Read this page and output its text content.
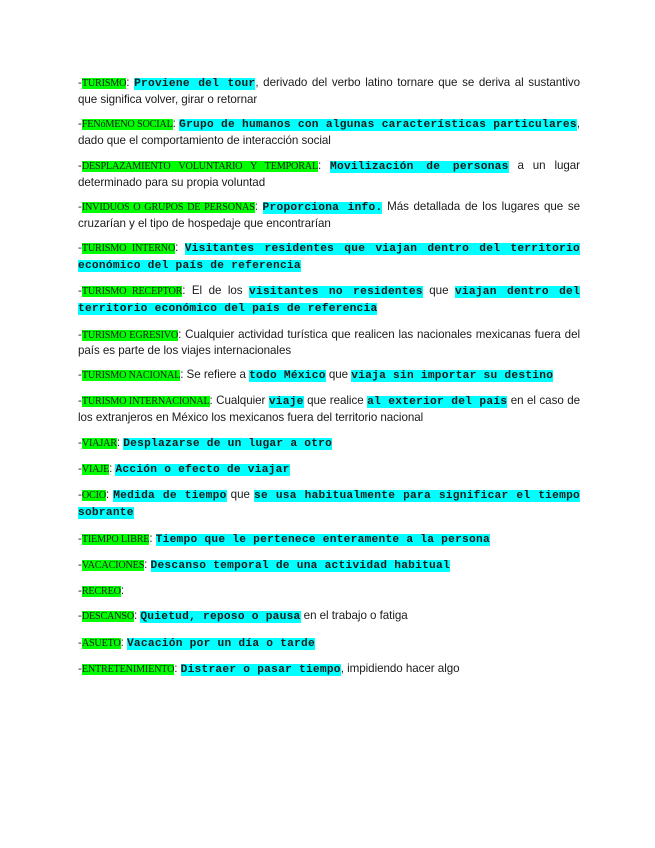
-TURISMO: Proviene del tour, derivado del verbo latino tornare que se deriva al sustantivo que significa volver, girar o retornar

-FENóMENO SOCIAL: Grupo de humanos con algunas características particulares, dado que el comportamiento de interacción social

-DESPLAZAMIENTO VOLUNTARIO Y TEMPORAL: Movilización de personas a un lugar determinado para su propia voluntad

-INVIDUOS O GRUPOS DE PERSONAS: Proporciona info. Más detallada de los lugares que se cruzarían y el tipo de hospedaje que encontrarían

-TURISMO INTERNO: Visitantes residentes que viajan dentro del territorio económico del país de referencia

-TURISMO RECEPTOR: El de los visitantes no residentes que viajan dentro del territorio económico del país de referencia

-TURISMO EGRESIVO: Cualquier actividad turística que realicen las nacionales mexicanas fuera del país es parte de los viajes internacionales

-TURISMO NACIONAL: Se refiere a todo México que viaja sin importar su destino

-TURISMO INTERNACIONAL: Cualquier viaje que realice al exterior del país en el caso de los extranjeros en México los mexicanos fuera del territorio nacional

-VIAJAR: Desplazarse de un lugar a otro

-VIAJE: Acción o efecto de viajar

-OCIO: Medida de tiempo que se usa habitualmente para significar el tiempo sobrante

-TIEMPO LIBRE: Tiempo que le pertenece enteramente a la persona

-VACACIONES: Descanso temporal de una actividad habitual

-RECREO:

-DESCANSO: Quietud, reposo o pausa en el trabajo o fatiga

-ASUETO: Vacación por un día o tarde

-ENTRETENIMIENTO: Distraer o pasar tiempo, impidiendo hacer algo
